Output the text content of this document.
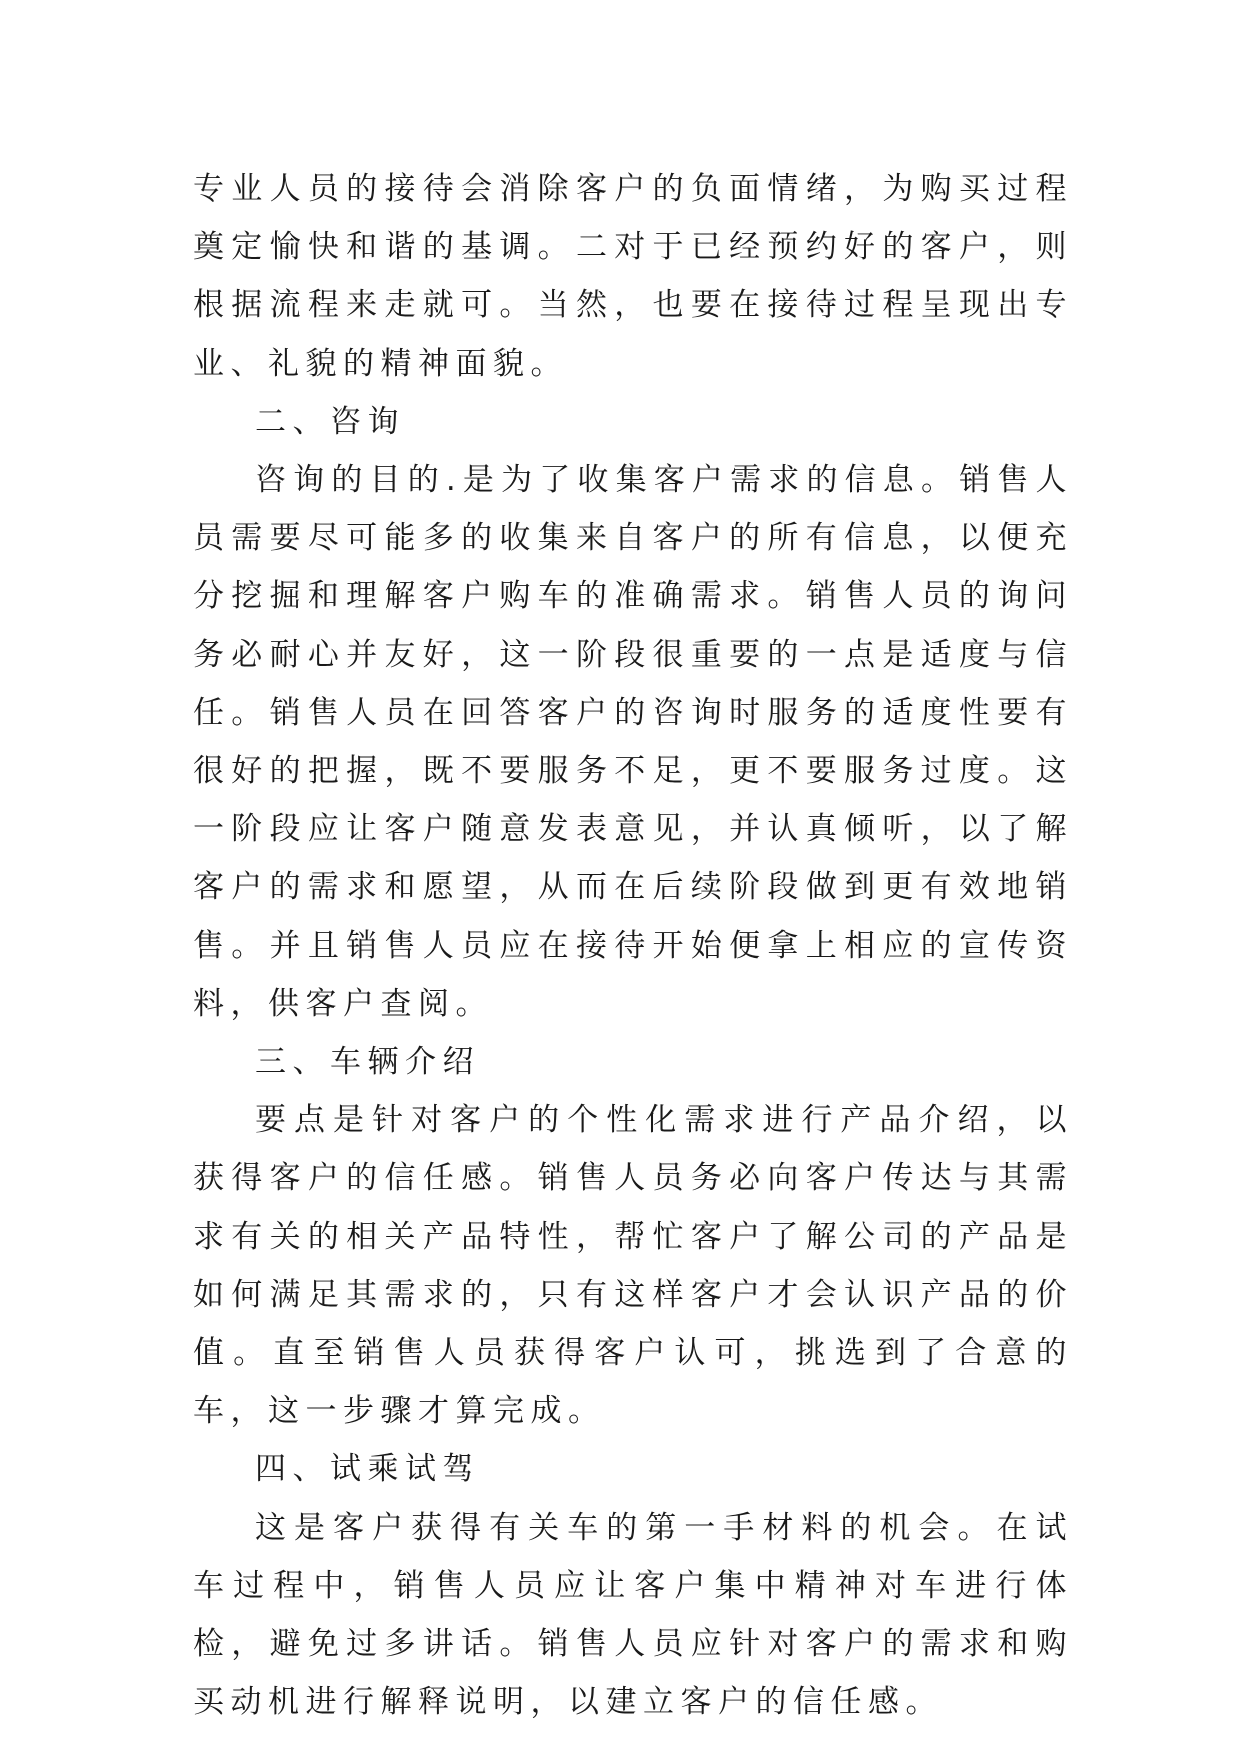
专业人员的接待会消除客户的负面情绪，为购买过程奠定愉快和谐的基调。二对于已经预约好的客户，则根据流程来走就可。当然，也要在接待过程呈现出专业、礼貌的精神面貌。

二、咨询

咨询的目的.是为了收集客户需求的信息。销售人员需要尽可能多的收集来自客户的所有信息，以便充分挖掘和理解客户购车的准确需求。销售人员的询问务必耐心并友好，这一阶段很重要的一点是适度与信任。销售人员在回答客户的咨询时服务的适度性要有很好的把握，既不要服务不足，更不要服务过度。这一阶段应让客户随意发表意见，并认真倾听，以了解客户的需求和愿望，从而在后续阶段做到更有效地销售。并且销售人员应在接待开始便拿上相应的宣传资料，供客户查阅。

三、车辆介绍

要点是针对客户的个性化需求进行产品介绍，以获得客户的信任感。销售人员务必向客户传达与其需求有关的相关产品特性，帮忙客户了解公司的产品是如何满足其需求的，只有这样客户才会认识产品的价值。直至销售人员获得客户认可，挑选到了合意的车，这一步骤才算完成。

四、试乘试驾

这是客户获得有关车的第一手材料的机会。在试车过程中，销售人员应让客户集中精神对车进行体检，避免过多讲话。销售人员应针对客户的需求和购买动机进行解释说明，以建立客户的信任感。
